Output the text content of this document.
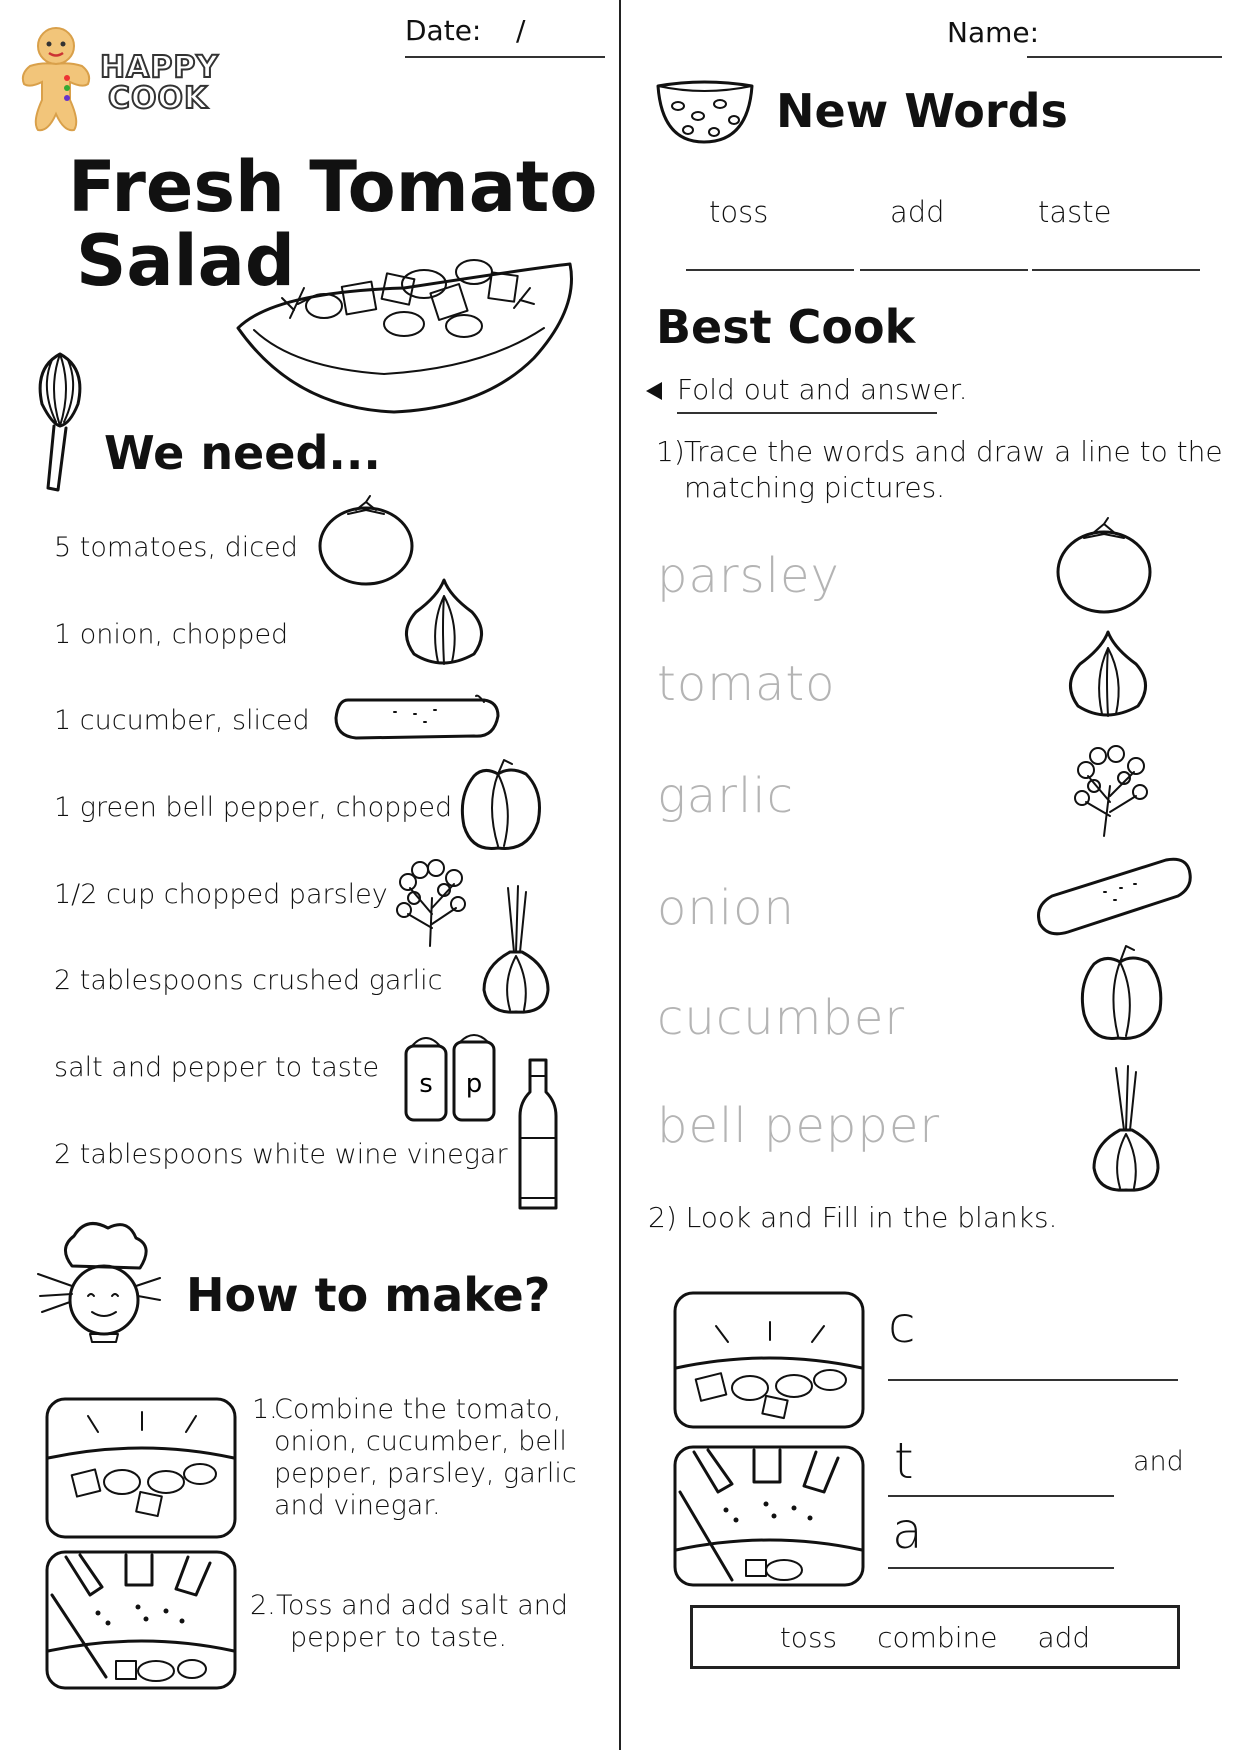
HAPPY
COOK
Date: /
Fresh Tomato
Salad
We need...
5 tomatoes, diced
1 onion, chopped
1 cucumber, sliced
1 green bell pepper, chopped
1/2 cup chopped parsley
2 tablespoons crushed garlic
salt and pepper to taste
2 tablespoons white wine vinegar
s p
How to make?
1.
Combine the tomato,
onion, cucumber, bell
pepper, parsley, garlic
and vinegar.
2. Toss and add salt and
pepper to taste.
Name:
New Words
toss	add	taste
Best Cook
Fold out and answer.
1) Trace the words and draw a line to the
matching pictures.
parsley
tomato
garlic
onion
cucumber
bell pepper
2) Look and Fill in the blanks.
c
t	and
a
toss combine add
